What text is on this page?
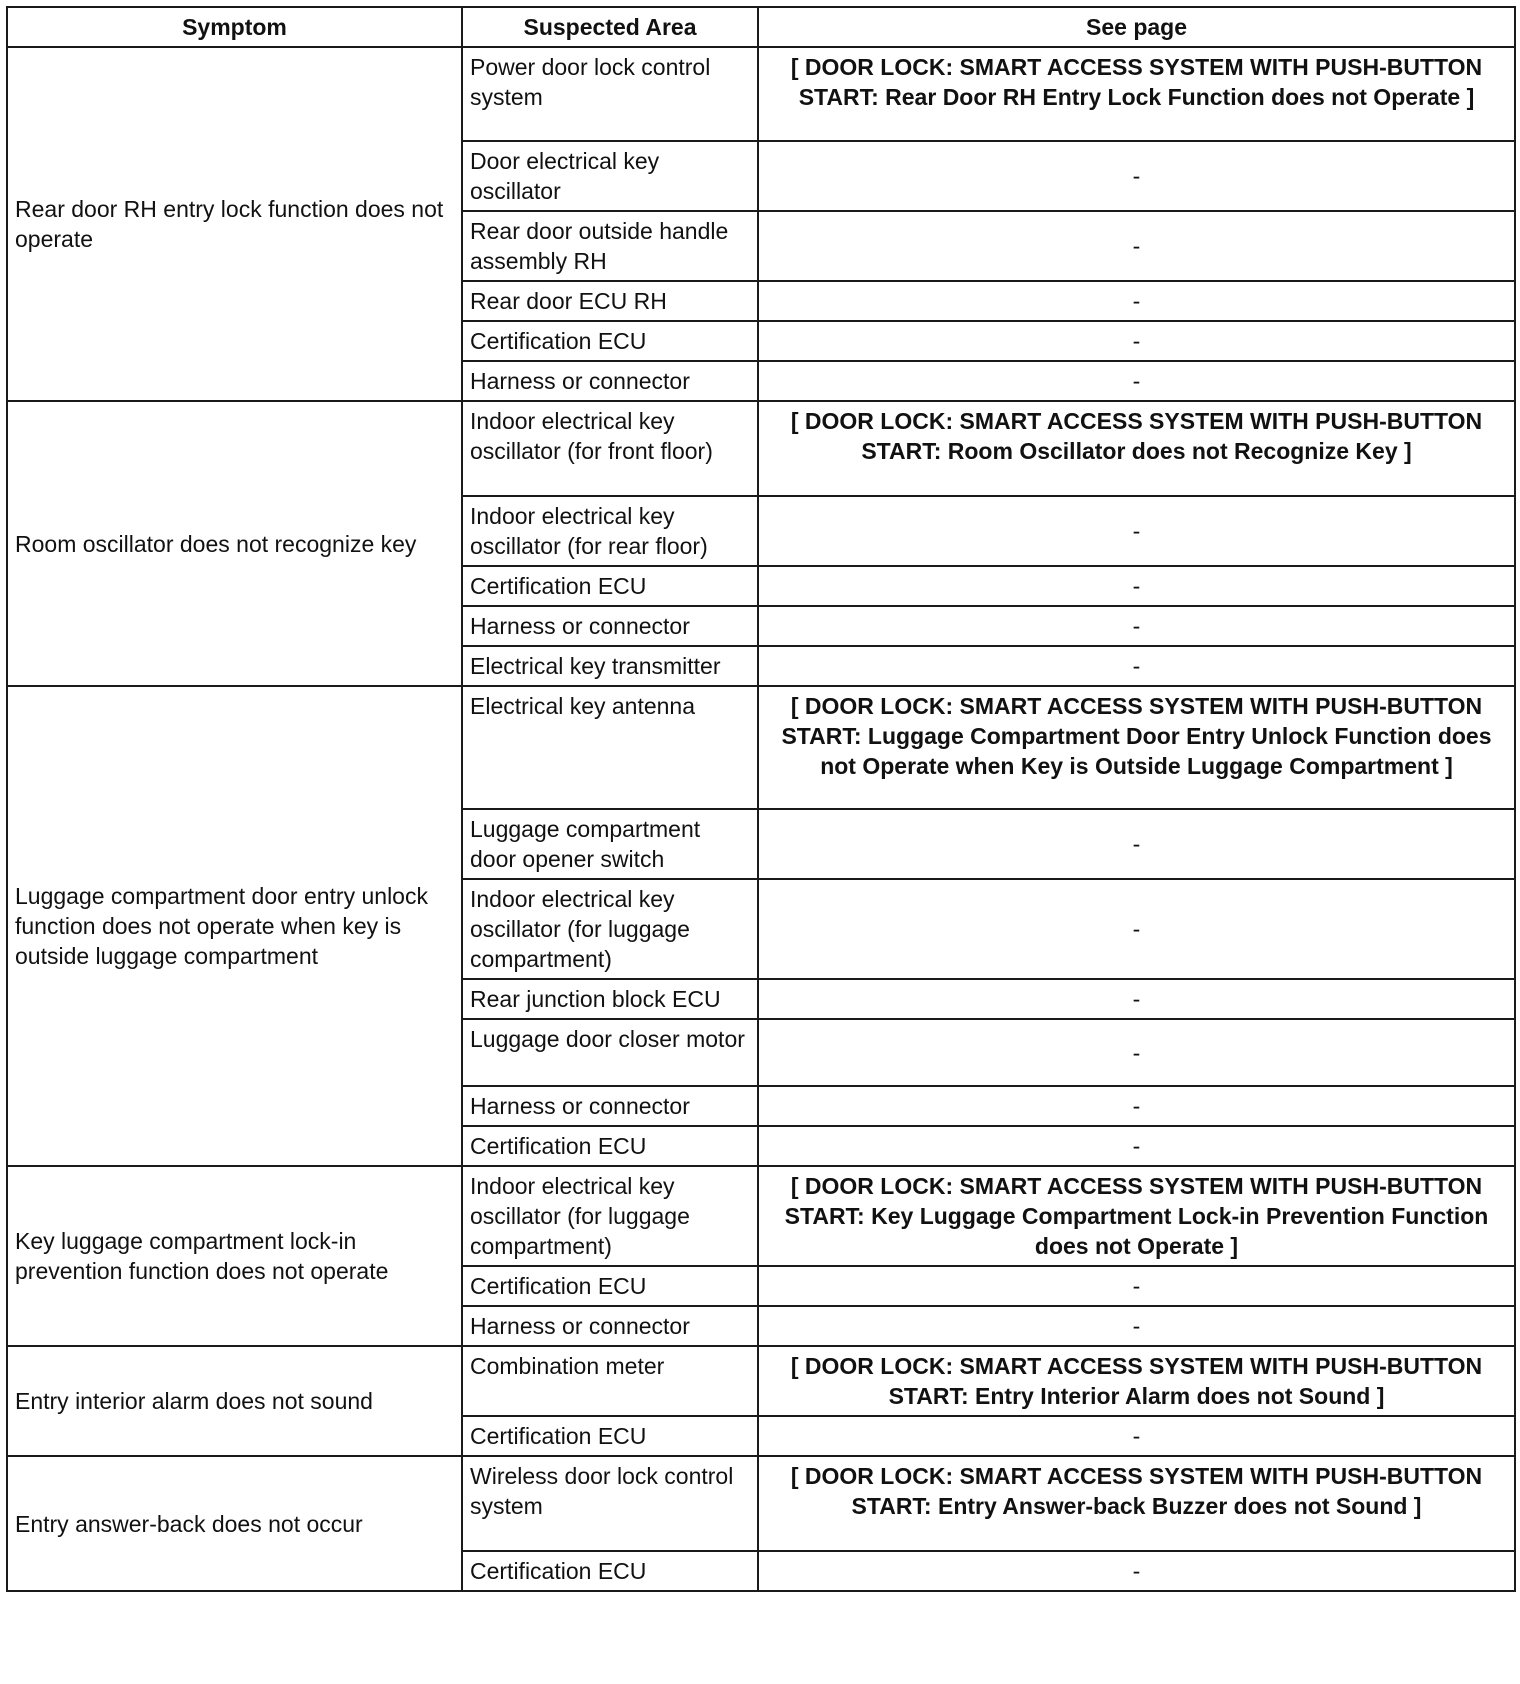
Symptom	Suspected Area	See page
Rear door RH entry lock function does not operate	Power door lock control system	[ DOOR LOCK: SMART ACCESS SYSTEM WITH PUSH-BUTTON START: Rear Door RH Entry Lock Function does not Operate ]
	Door electrical key oscillator	-
	Rear door outside handle assembly RH	-
	Rear door ECU RH	-
	Certification ECU	-
	Harness or connector	-
Room oscillator does not recognize key	Indoor electrical key oscillator (for front floor)	[ DOOR LOCK: SMART ACCESS SYSTEM WITH PUSH-BUTTON START: Room Oscillator does not Recognize Key ]
	Indoor electrical key oscillator (for rear floor)	-
	Certification ECU	-
	Harness or connector	-
	Electrical key transmitter	-
Luggage compartment door entry unlock function does not operate when key is outside luggage compartment	Electrical key antenna	[ DOOR LOCK: SMART ACCESS SYSTEM WITH PUSH-BUTTON START: Luggage Compartment Door Entry Unlock Function does not Operate when Key is Outside Luggage Compartment ]
	Luggage compartment door opener switch	-
	Indoor electrical key oscillator (for luggage compartment)	-
	Rear junction block ECU	-
	Luggage door closer motor	-
	Harness or connector	-
	Certification ECU	-
Key luggage compartment lock-in prevention function does not operate	Indoor electrical key oscillator (for luggage compartment)	[ DOOR LOCK: SMART ACCESS SYSTEM WITH PUSH-BUTTON START: Key Luggage Compartment Lock-in Prevention Function does not Operate ]
	Certification ECU	-
	Harness or connector	-
Entry interior alarm does not sound	Combination meter	[ DOOR LOCK: SMART ACCESS SYSTEM WITH PUSH-BUTTON START: Entry Interior Alarm does not Sound ]
	Certification ECU	-
Entry answer-back does not occur	Wireless door lock control system	[ DOOR LOCK: SMART ACCESS SYSTEM WITH PUSH-BUTTON START: Entry Answer-back Buzzer does not Sound ]
	Certification ECU	-
